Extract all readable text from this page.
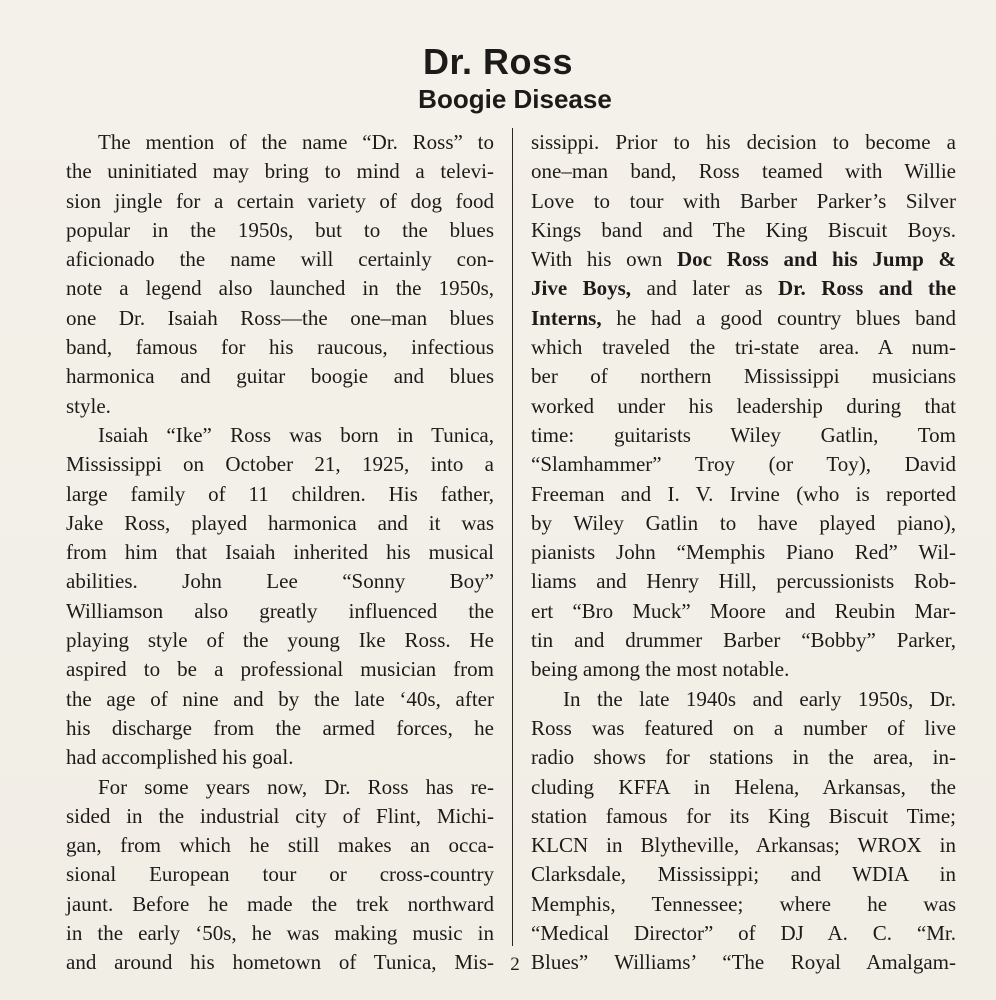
Dr. Ross
Boogie Disease
The mention of the name “Dr. Ross” to
the uninitiated may bring to mind a televi-
sion jingle for a certain variety of dog food
popular in the 1950s, but to the blues
aficionado the name will certainly con-
note a legend also launched in the 1950s,
one Dr. Isaiah Ross—the one–man blues
band, famous for his raucous, infectious
harmonica and guitar boogie and blues
style.
Isaiah “Ike” Ross was born in Tunica,
Mississippi on October 21, 1925, into a
large family of 11 children. His father,
Jake Ross, played harmonica and it was
from him that Isaiah inherited his musical
abilities. John Lee “Sonny Boy”
Williamson also greatly influenced the
playing style of the young Ike Ross. He
aspired to be a professional musician from
the age of nine and by the late ‘40s, after
his discharge from the armed forces, he
had accomplished his goal.
For some years now, Dr. Ross has re-
sided in the industrial city of Flint, Michi-
gan, from which he still makes an occa-
sional European tour or cross-country
jaunt. Before he made the trek northward
in the early ‘50s, he was making music in
and around his hometown of Tunica, Mis-
sissippi. Prior to his decision to become a
one–man band, Ross teamed with Willie
Love to tour with Barber Parker’s Silver
Kings band and The King Biscuit Boys.
With his own Doc Ross and his Jump &
Jive Boys, and later as Dr. Ross and the
Interns, he had a good country blues band
which traveled the tri-state area. A num-
ber of northern Mississippi musicians
worked under his leadership during that
time: guitarists Wiley Gatlin, Tom
“Slamhammer” Troy (or Toy), David
Freeman and I. V. Irvine (who is reported
by Wiley Gatlin to have played piano),
pianists John “Memphis Piano Red” Wil-
liams and Henry Hill, percussionists Rob-
ert “Bro Muck” Moore and Reubin Mar-
tin and drummer Barber “Bobby” Parker,
being among the most notable.
In the late 1940s and early 1950s, Dr.
Ross was featured on a number of live
radio shows for stations in the area, in-
cluding KFFA in Helena, Arkansas, the
station famous for its King Biscuit Time;
KLCN in Blytheville, Arkansas; WROX in
Clarksdale, Mississippi; and WDIA in
Memphis, Tennessee; where he was
“Medical Director” of DJ A. C. “Mr.
Blues” Williams’ “The Royal Amalgam-
2
